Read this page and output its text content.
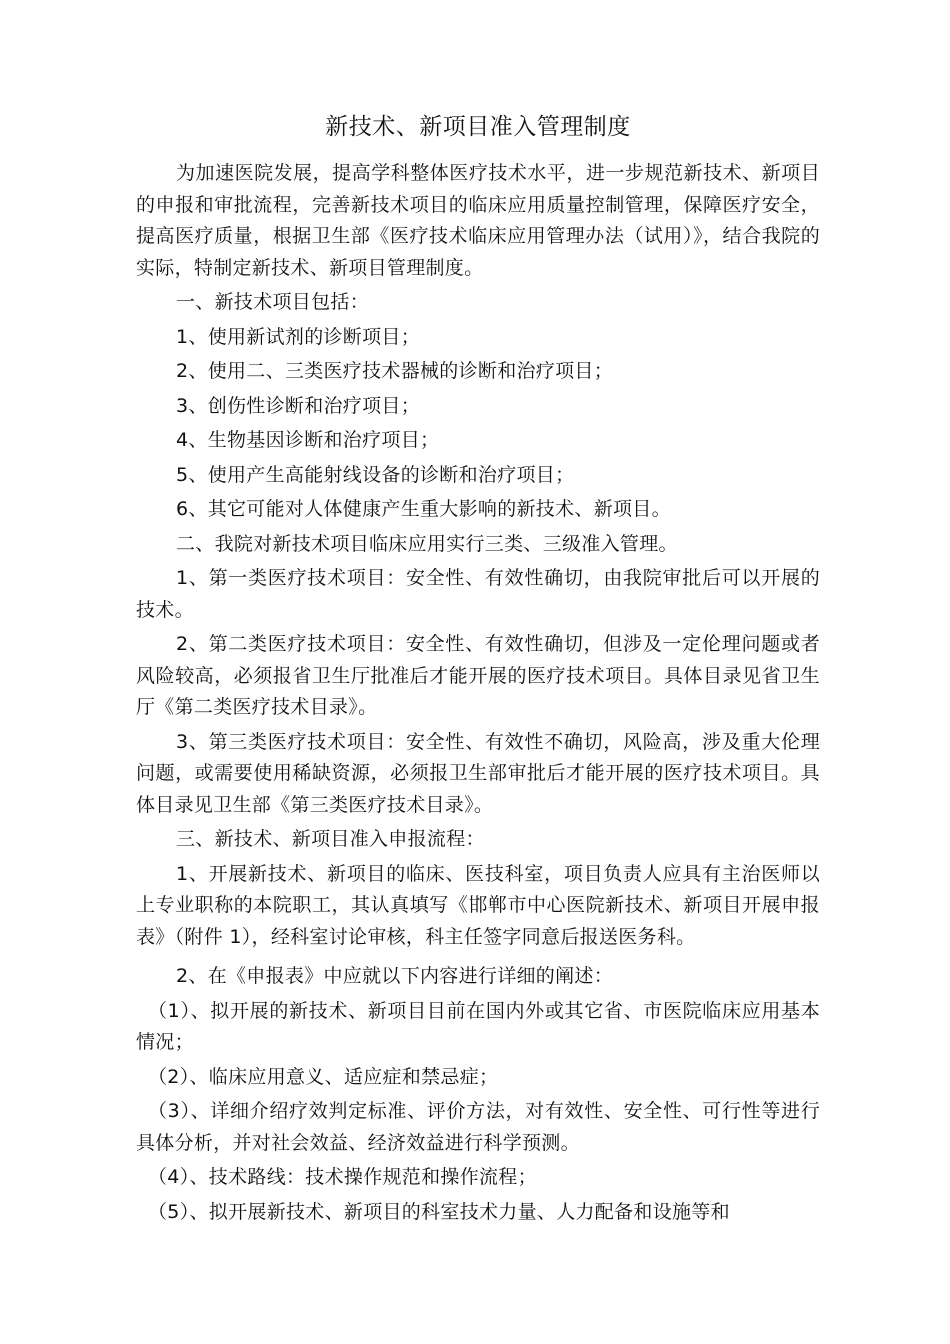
新技术、新项目准入管理制度

为加速医院发展，提高学科整体医疗技术水平，进一步规范新技术、新项目的申报和审批流程，完善新技术项目的临床应用质量控制管理，保障医疗安全，提高医疗质量，根据卫生部《医疗技术临床应用管理办法（试用）》，结合我院的实际，特制定新技术、新项目管理制度。

一、新技术项目包括：

1、使用新试剂的诊断项目；

2、使用二、三类医疗技术器械的诊断和治疗项目；

3、创伤性诊断和治疗项目；

4、生物基因诊断和治疗项目；

5、使用产生高能射线设备的诊断和治疗项目；

6、其它可能对人体健康产生重大影响的新技术、新项目。

二、我院对新技术项目临床应用实行三类、三级准入管理。

1、第一类医疗技术项目：安全性、有效性确切，由我院审批后可以开展的技术。

2、第二类医疗技术项目：安全性、有效性确切，但涉及一定伦理问题或者风险较高，必须报省卫生厅批准后才能开展的医疗技术项目。具体目录见省卫生厅《第二类医疗技术目录》。

3、第三类医疗技术项目：安全性、有效性不确切，风险高，涉及重大伦理问题，或需要使用稀缺资源，必须报卫生部审批后才能开展的医疗技术项目。具体目录见卫生部《第三类医疗技术目录》。

三、新技术、新项目准入申报流程：

1、开展新技术、新项目的临床、医技科室，项目负责人应具有主治医师以上专业职称的本院职工，其认真填写《邯郸市中心医院新技术、新项目开展申报表》（附件 1），经科室讨论审核，科主任签字同意后报送医务科。

2、在《申报表》中应就以下内容进行详细的阐述：

（1）、拟开展的新技术、新项目目前在国内外或其它省、市医院临床应用基本情况；

（2）、临床应用意义、适应症和禁忌症；

（3）、详细介绍疗效判定标准、评价方法，对有效性、安全性、可行性等进行具体分析，并对社会效益、经济效益进行科学预测。

（4）、技术路线：技术操作规范和操作流程；

（5）、拟开展新技术、新项目的科室技术力量、人力配备和设施等和
